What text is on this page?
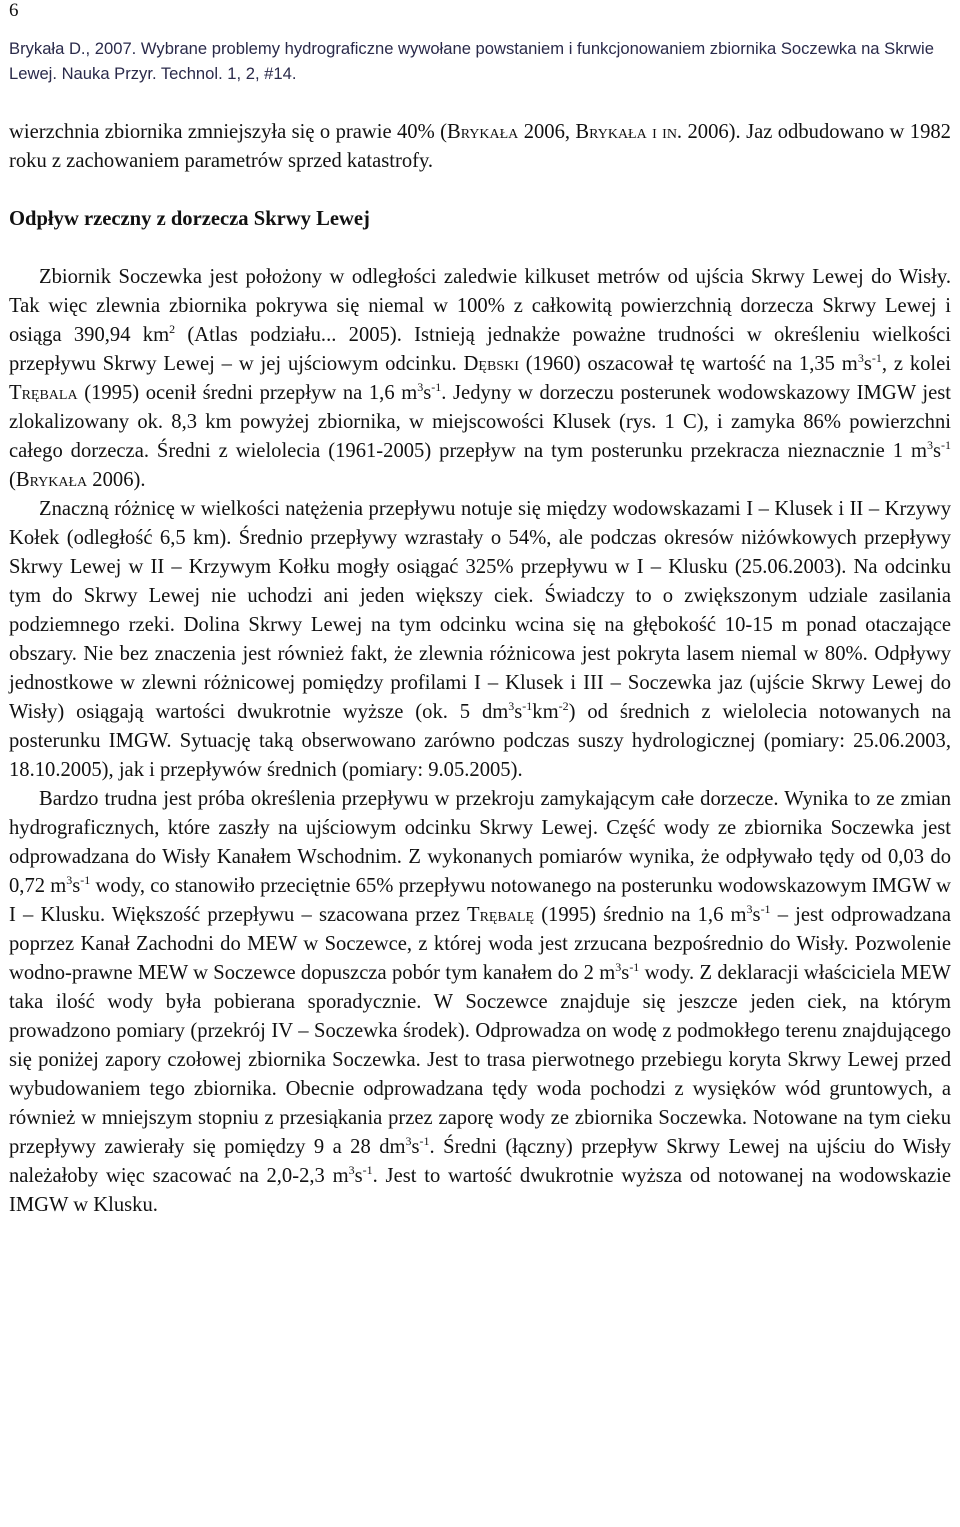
6
Brykała D., 2007. Wybrane problemy hydrograficzne wywołane powstaniem i funkcjonowaniem zbiornika Soczewka na Skrwie Lewej. Nauka Przyr. Technol. 1, 2, #14.

wierzchnia zbiornika zmniejszyła się o prawie 40% (Brykała 2006, Brykała i in. 2006). Jaz odbudowano w 1982 roku z zachowaniem parametrów sprzed katastrofy.

Odpływ rzeczny z dorzecza Skrwy Lewej

Zbiornik Soczewka jest położony w odległości zaledwie kilkuset metrów od ujścia Skrwy Lewej do Wisły. Tak więc zlewnia zbiornika pokrywa się niemal w 100% z całkowitą powierzchnią dorzecza Skrwy Lewej i osiąga 390,94 $km^2$ (Atlas podziału... 2005). Istnieją jednakże poważne trudności w określeniu wielkości przepływu Skrwy Lewej – w jej ujściowym odcinku. Dębski (1960) oszacował tę wartość na 1,35 $m^3s^{-1}$, z kolei Trębala (1995) ocenił średni przepływ na 1,6 $m^3s^{-1}$. Jedyny w dorzeczu posterunek wodowskazowy IMGW jest zlokalizowany ok. 8,3 km powyżej zbiornika, w miejscowości Klusek (rys. 1 C), i zamyka 86% powierzchni całego dorzecza. Średni z wielolecia (1961-2005) przepływ na tym posterunku przekracza nieznacznie 1 $m^3s^{-1}$ (Brykała 2006).

Znaczną różnicę w wielkości natężenia przepływu notuje się między wodowskazami I – Klusek i II – Krzywy Kołek (odległość 6,5 km). Średnio przepływy wzrastały o 54%, ale podczas okresów niżówkowych przepływy Skrwy Lewej w II – Krzywym Kołku mogły osiągać 325% przepływu w I – Klusku (25.06.2003). Na odcinku tym do Skrwy Lewej nie uchodzi ani jeden większy ciek. Świadczy to o zwiększonym udziale zasilania podziemnego rzeki. Dolina Skrwy Lewej na tym odcinku wcina się na głębokość 10-15 m ponad otaczające obszary. Nie bez znaczenia jest również fakt, że zlewnia różnicowa jest pokryta lasem niemal w 80%. Odpływy jednostkowe w zlewni różnicowej pomiędzy profilami I – Klusek i III – Soczewka jaz (ujście Skrwy Lewej do Wisły) osiągają wartości dwukrotnie wyższe (ok. 5 $dm^3s^{-1}km^{-2}$) od średnich z wielolecia notowanych na posterunku IMGW. Sytuację taką obserwowano zarówno podczas suszy hydrologicznej (pomiary: 25.06.2003, 18.10.2005), jak i przepływów średnich (pomiary: 9.05.2005).

Bardzo trudna jest próba określenia przepływu w przekroju zamykającym całe dorzecze. Wynika to ze zmian hydrograficznych, które zaszły na ujściowym odcinku Skrwy Lewej. Część wody ze zbiornika Soczewka jest odprowadzana do Wisły Kanałem Wschodnim. Z wykonanych pomiarów wynika, że odpływało tędy od 0,03 do 0,72 $m^3s^{-1}$ wody, co stanowiło przeciętnie 65% przepływu notowanego na posterunku wodowskazowym IMGW w I – Klusku. Większość przepływu – szacowana przez Trębalę (1995) średnio na 1,6 $m^3s^{-1}$ – jest odprowadzana poprzez Kanał Zachodni do MEW w Soczewce, z której woda jest zrzucana bezpośrednio do Wisły. Pozwolenie wodno-prawne MEW w Soczewce dopuszcza pobór tym kanałem do 2 $m^3s^{-1}$ wody. Z deklaracji właściciela MEW taka ilość wody była pobierana sporadycznie. W Soczewce znajduje się jeszcze jeden ciek, na którym prowadzono pomiary (przekrój IV – Soczewka środek). Odprowadza on wodę z podmokłego terenu znajdującego się poniżej zapory czołowej zbiornika Soczewka. Jest to trasa pierwotnego przebiegu koryta Skrwy Lewej przed wybudowaniem tego zbiornika. Obecnie odprowadzana tędy woda pochodzi z wysięków wód gruntowych, a również w mniejszym stopniu z przesiąkania przez zaporę wody ze zbiornika Soczewka. Notowane na tym cieku przepływy zawierały się pomiędzy 9 a 28 $dm^3s^{-1}$. Średni (łączny) przepływ Skrwy Lewej na ujściu do Wisły należałoby więc szacować na 2,0-2,3 $m^3s^{-1}$. Jest to wartość dwukrotnie wyższa od notowanej na wodowskazie IMGW w Klusku.
